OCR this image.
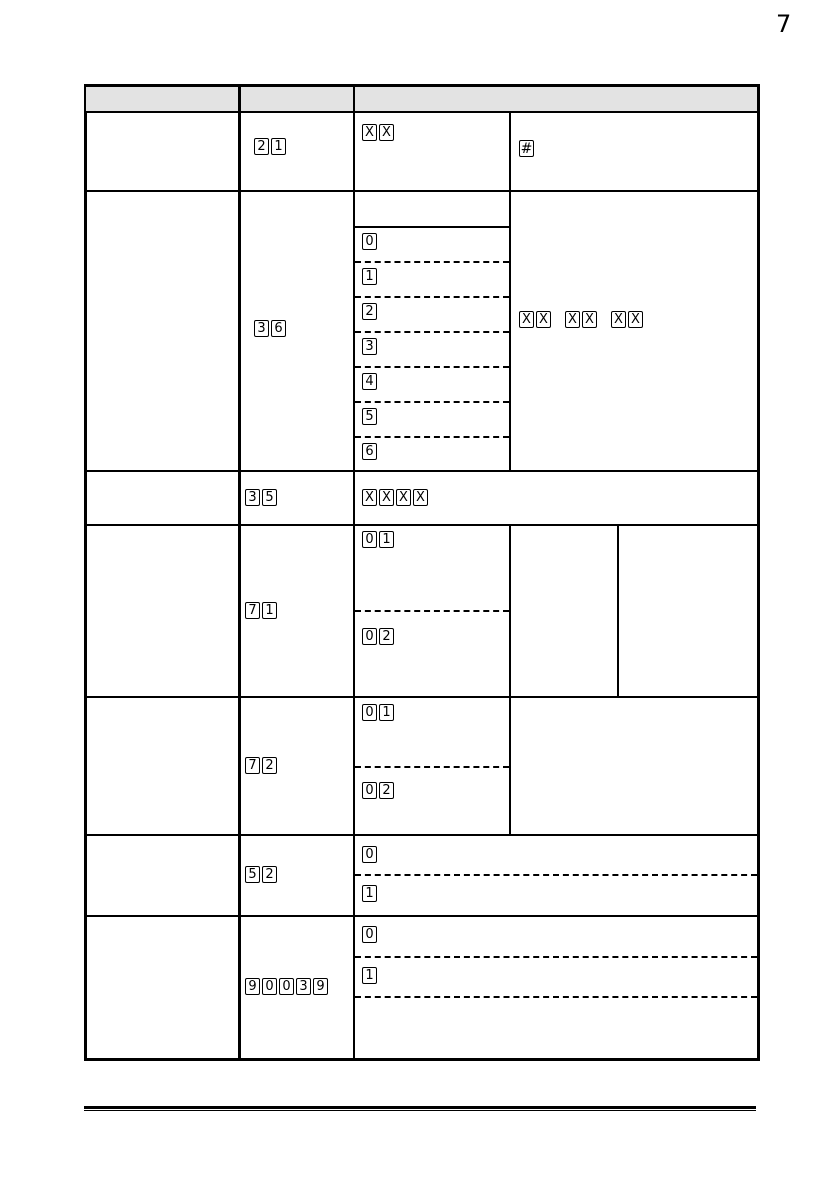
7
2 1
X X
#
3 6
0
1
2
3
4
5
6
X X X X X X
3 5	X X X X
7 1
0 1
0 2
7 2
0 1
0 2
5 2
0
1
9 0 0 3 9
0
1
